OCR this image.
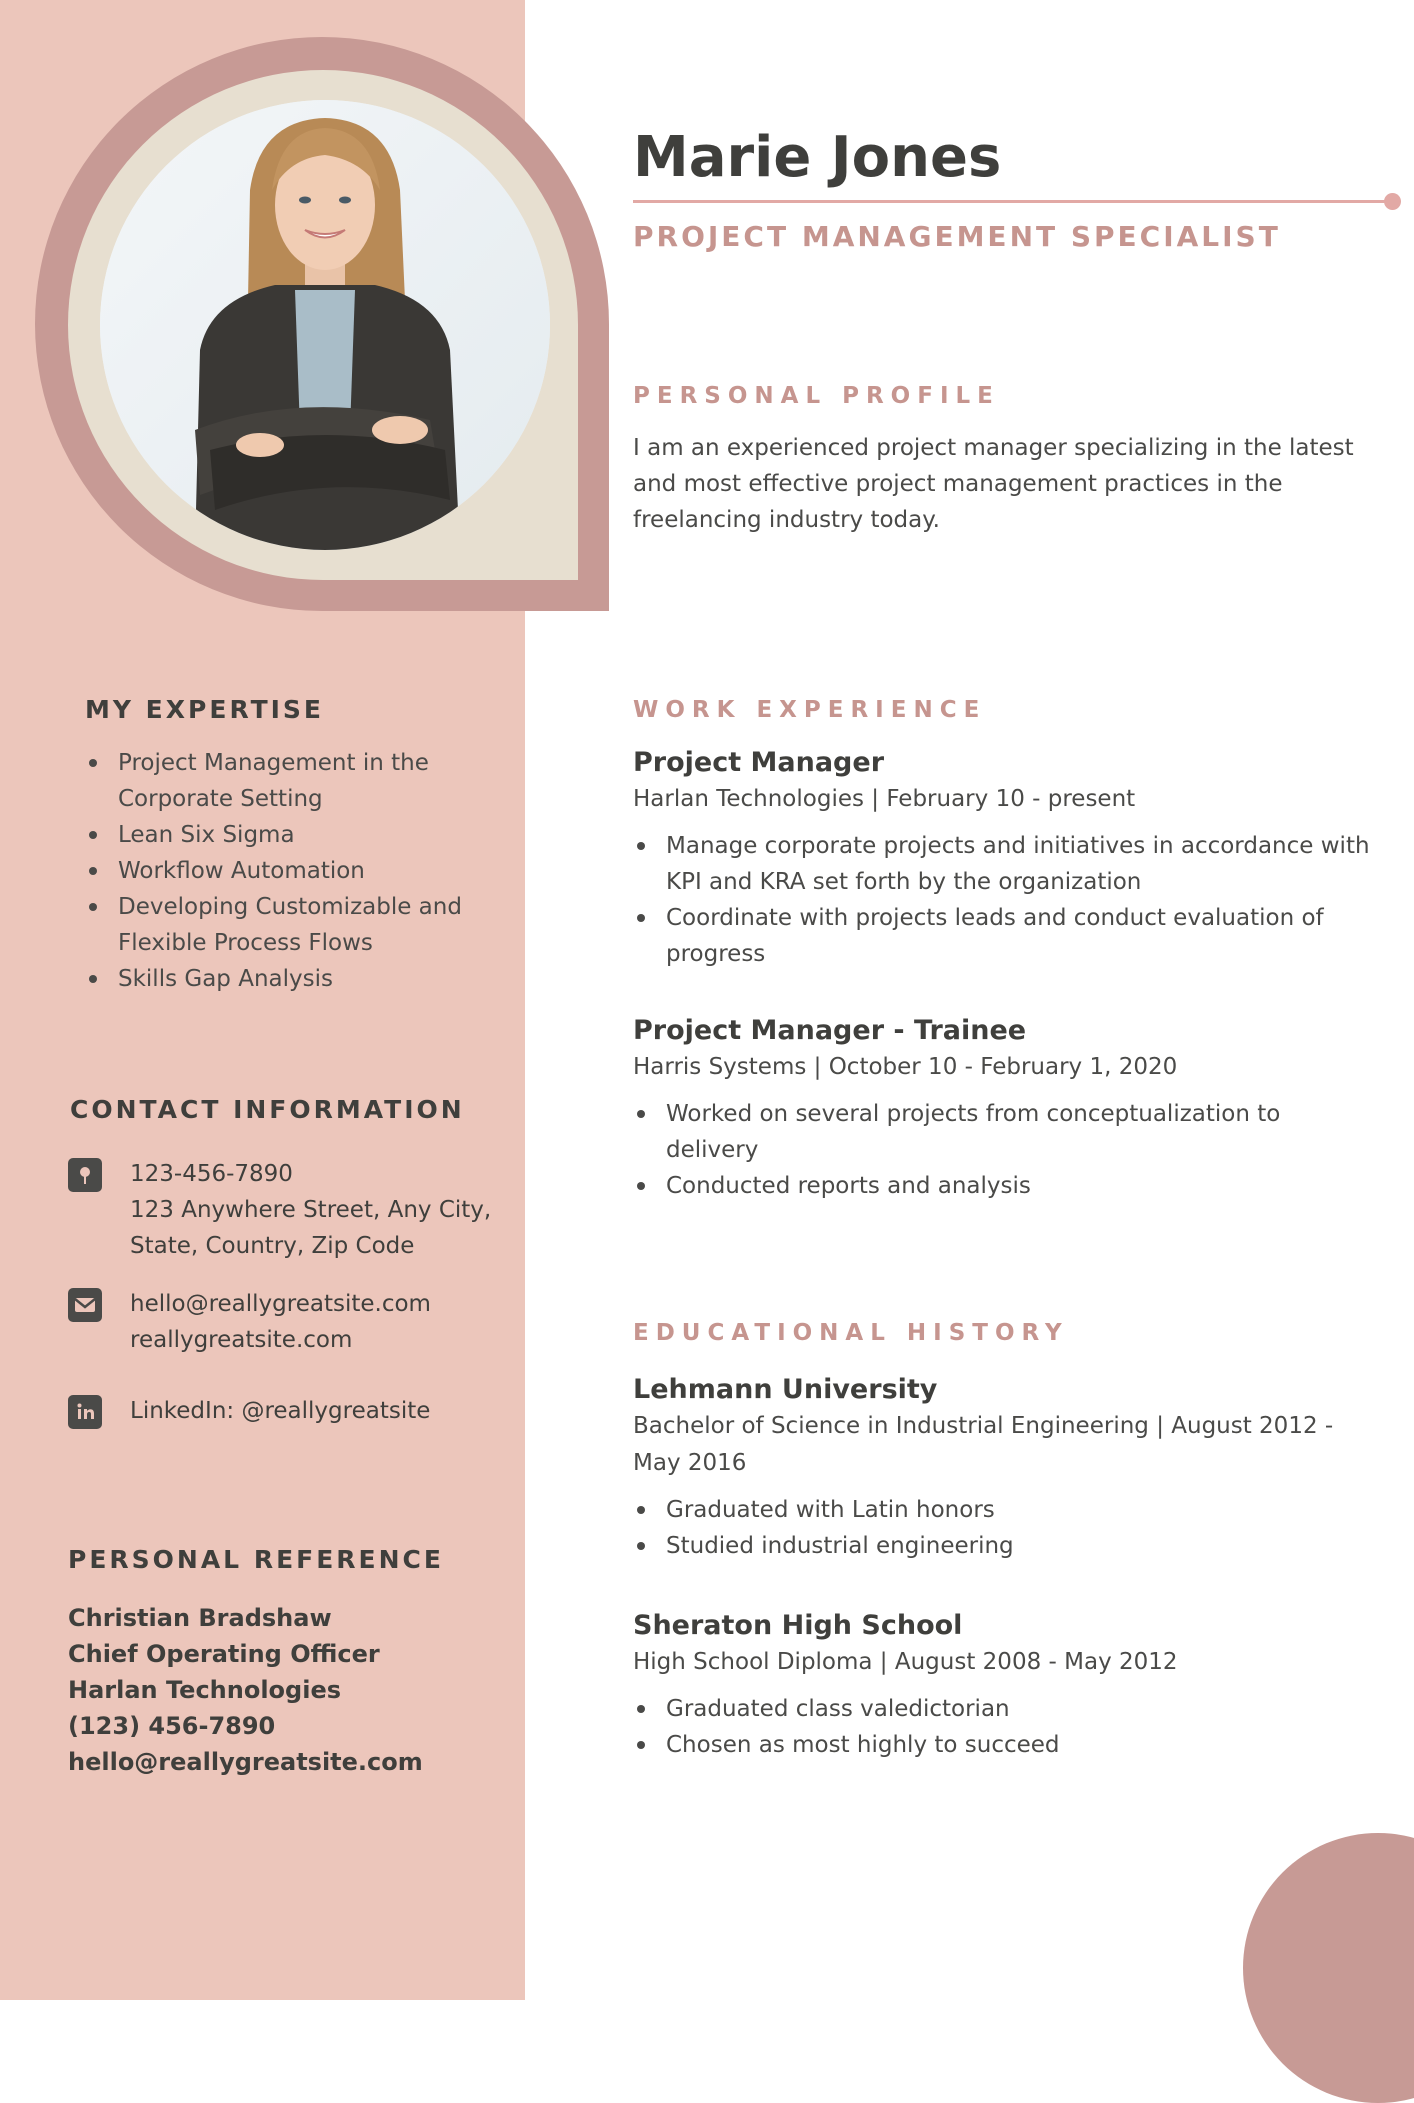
Marie Jones
PROJECT MANAGEMENT SPECIALIST
PERSONAL PROFILE
I am an experienced project manager specializing in the latest and most effective project management practices in the freelancing industry today.
WORK EXPERIENCE

Project Manager

Harlan Technologies | February 10 - present

Manage corporate projects and initiatives in accordance with KPI and KRA set forth by the organization
Coordinate with projects leads and conduct evaluation of progress

Project Manager - Trainee

Harris Systems | October 10 - February 1, 2020

Worked on several projects from conceptualization to delivery
Conducted reports and analysis
EDUCATIONAL HISTORY

Lehmann University

Bachelor of Science in Industrial Engineering | August 2012 - May 2016

Graduated with Latin honors
Studied industrial engineering

Sheraton High School

High School Diploma | August 2008 - May 2012

Graduated class valedictorian
Chosen as most highly to succeed
MY EXPERTISE
Project Management in the Corporate Setting
Lean Six Sigma
Workflow Automation
Developing Customizable and Flexible Process Flows
Skills Gap Analysis
CONTACT INFORMATION
123-456-7890
123 Anywhere Street, Any City,
State, Country, Zip Code
hello@reallygreatsite.com
reallygreatsite.com
LinkedIn: @reallygreatsite
PERSONAL REFERENCE
Christian Bradshaw
Chief Operating Officer
Harlan Technologies
(123) 456-7890
hello@reallygreatsite.com
